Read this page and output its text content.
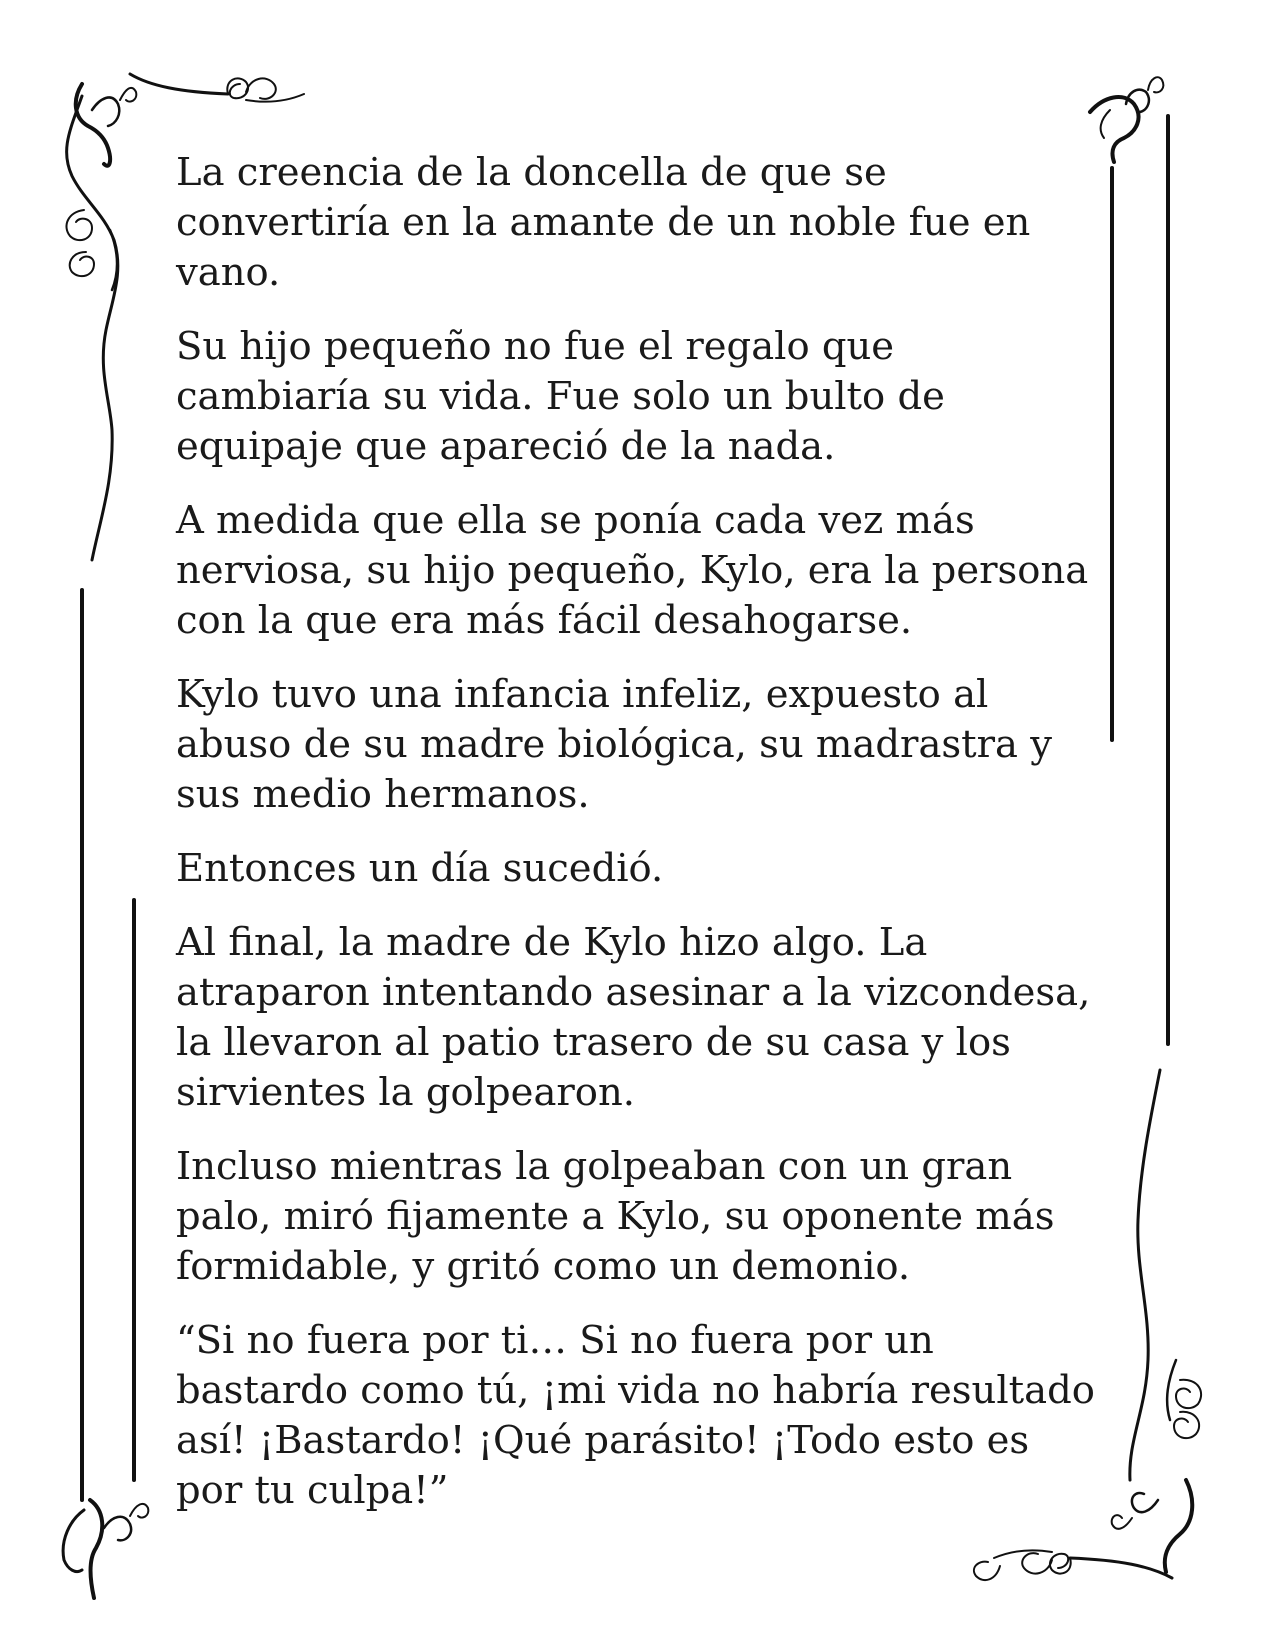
La creencia de la doncella de que se convertiría en la amante de un noble fue en vano.

Su hijo pequeño no fue el regalo que cambiaría su vida. Fue solo un bulto de equipaje que apareció de la nada.

A medida que ella se ponía cada vez más nerviosa, su hijo pequeño, Kylo, era la persona con la que era más fácil desahogarse.

Kylo tuvo una infancia infeliz, expuesto al abuso de su madre biológica, su madrastra y sus medio hermanos.

Entonces un día sucedió.

Al final, la madre de Kylo hizo algo. La atraparon intentando asesinar a la vizcondesa, la llevaron al patio trasero de su casa y los sirvientes la golpearon.

Incluso mientras la golpeaban con un gran palo, miró fijamente a Kylo, su oponente más formidable, y gritó como un demonio.

“Si no fuera por ti… Si no fuera por un bastardo como tú, ¡mi vida no habría resultado así! ¡Bastardo! ¡Qué parásito! ¡Todo esto es por tu culpa!”
